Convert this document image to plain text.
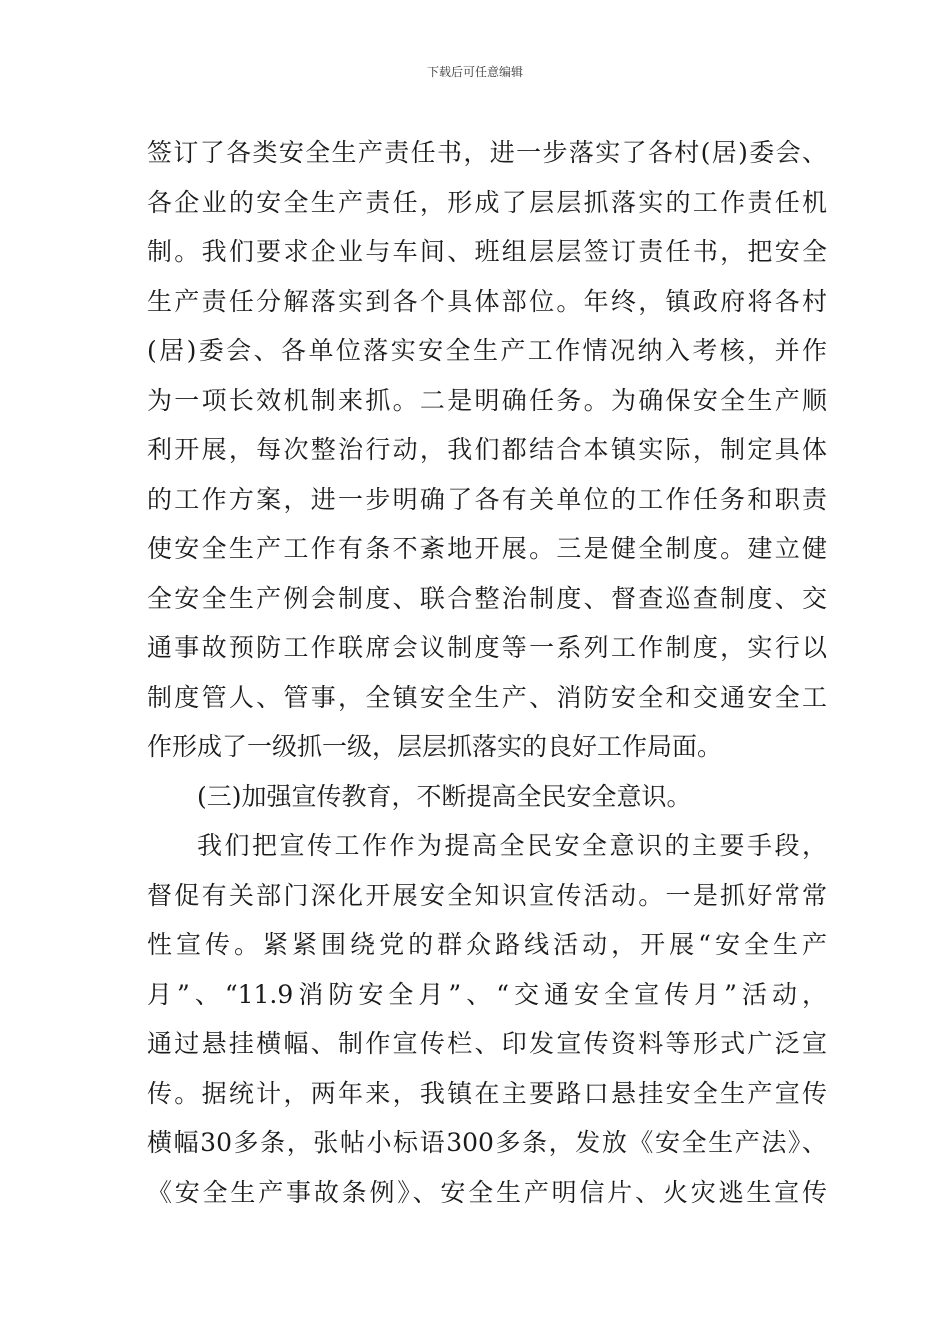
下载后可任意编辑
签订了各类安全生产责任书，进一步落实了各村(居)委会、
各企业的安全生产责任，形成了层层抓落实的工作责任机
制。我们要求企业与车间、班组层层签订责任书，把安全
生产责任分解落实到各个具体部位。年终，镇政府将各村
(居)委会、各单位落实安全生产工作情况纳入考核，并作
为一项长效机制来抓。二是明确任务。为确保安全生产顺
利开展，每次整治行动，我们都结合本镇实际，制定具体
的工作方案，进一步明确了各有关单位的工作任务和职责
使安全生产工作有条不紊地开展。三是健全制度。建立健
全安全生产例会制度、联合整治制度、督查巡查制度、交
通事故预防工作联席会议制度等一系列工作制度，实行以
制度管人、管事，全镇安全生产、消防安全和交通安全工
作形成了一级抓一级，层层抓落实的良好工作局面。
(三)加强宣传教育，不断提高全民安全意识。
我们把宣传工作作为提高全民安全意识的主要手段，
督促有关部门深化开展安全知识宣传活动。一是抓好常常
性宣传。紧紧围绕党的群众路线活动，开展“安全生产
月”、“11.9消防安全月”、“交通安全宣传月”活动，
通过悬挂横幅、制作宣传栏、印发宣传资料等形式广泛宣
传。据统计，两年来，我镇在主要路口悬挂安全生产宣传
横幅30多条，张帖小标语300多条，发放《安全生产法》、
《安全生产事故条例》、安全生产明信片、火灾逃生宣传
